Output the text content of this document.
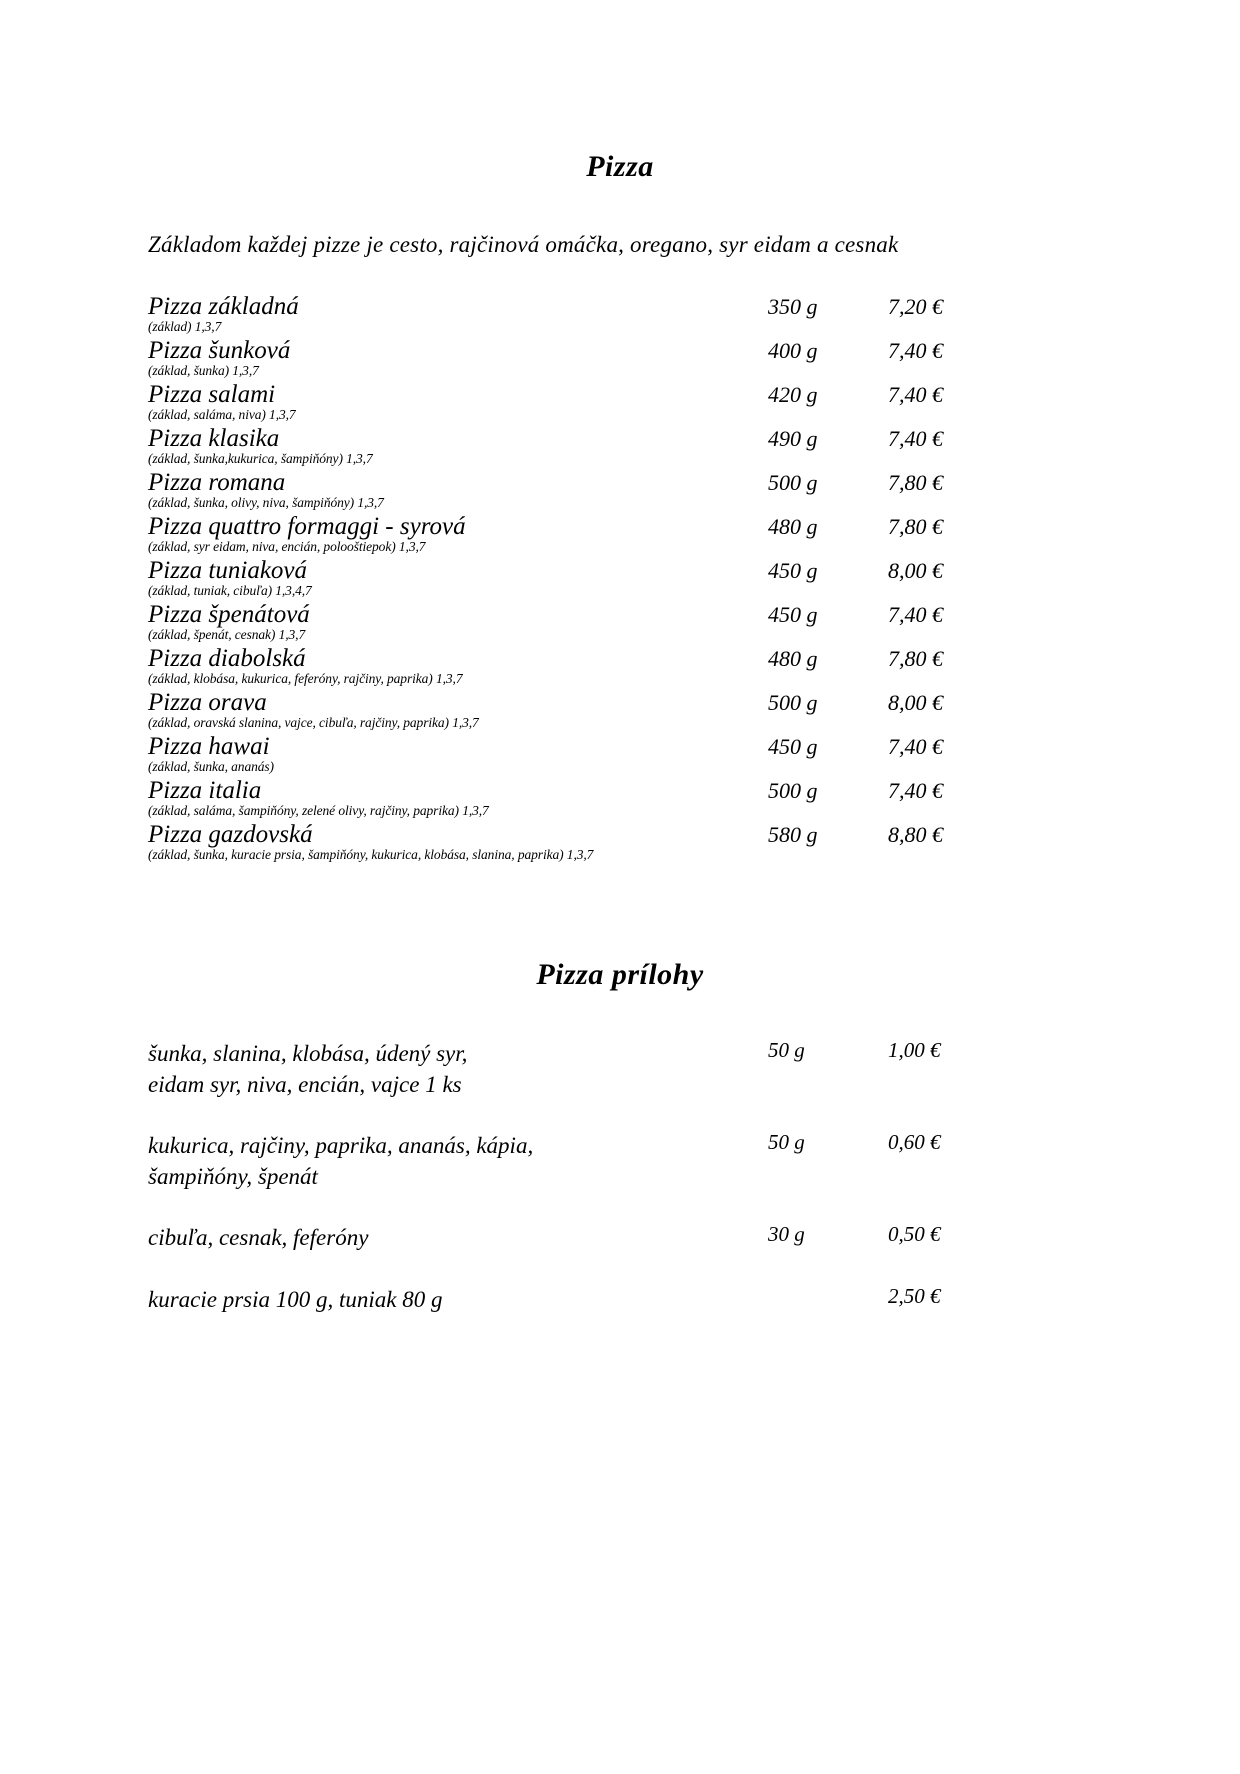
Pizza

Základom každej pizze je cesto, rajčinová omáčka, oregano, syr eidam a cesnak

Pizza základná	350 g	7,20 €
(základ) 1,3,7
Pizza šunková	400 g	7,40 €
(základ, šunka) 1,3,7
Pizza salami	420 g	7,40 €
(základ, saláma, niva) 1,3,7
Pizza klasika	490 g	7,40 €
(základ, šunka,kukurica, šampiňóny) 1,3,7
Pizza romana	500 g	7,80 €
(základ, šunka, olivy, niva, šampiňóny) 1,3,7
Pizza quattro formaggi - syrová	480 g	7,80 €
(základ, syr eidam, niva, encián, polooštiepok) 1,3,7
Pizza tuniaková	450 g	8,00 €
(základ, tuniak, cibuľa) 1,3,4,7
Pizza špenátová	450 g	7,40 €
(základ, špenát, cesnak) 1,3,7
Pizza diabolská	480 g	7,80 €
(základ, klobása, kukurica, feferóny, rajčiny, paprika) 1,3,7
Pizza orava	500 g	8,00 €
(základ, oravská slanina, vajce, cibuľa, rajčiny, paprika) 1,3,7
Pizza hawai	450 g	7,40 €
(základ, šunka, ananás)
Pizza italia	500 g	7,40 €
(základ, saláma, šampiňóny, zelené olivy, rajčiny, paprika) 1,3,7
Pizza gazdovská	580 g	8,80 €
(základ, šunka, kuracie prsia, šampiňóny, kukurica, klobása, slanina, paprika) 1,3,7
Pizza prílohy
šunka, slanina, klobása, údený syr,
eidam syr, niva, encián, vajce 1 ks
50 g	1,00 €
kukurica, rajčiny, paprika, ananás, kápia,
šampiňóny, špenát
50 g	0,60 €
cibuľa, cesnak, feferóny	30 g	0,50 €
kuracie prsia 100 g, tuniak 80 g	2,50 €
